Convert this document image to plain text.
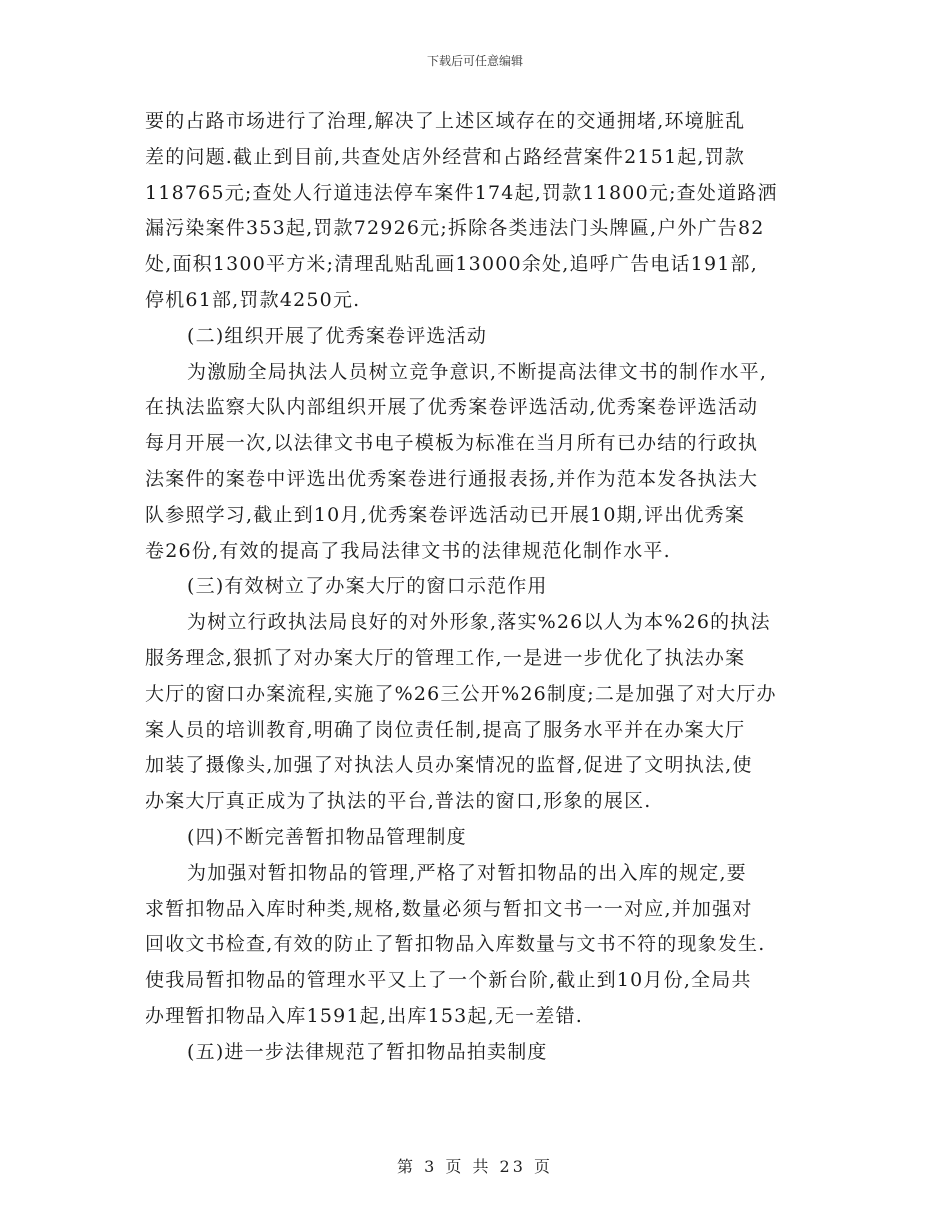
下载后可任意编辑
要的占路市场进行了治理,解决了上述区域存在的交通拥堵,环境脏乱
差的问题.截止到目前,共查处店外经营和占路经营案件2151起,罚款
118765元;查处人行道违法停车案件174起,罚款11800元;查处道路洒
漏污染案件353起,罚款72926元;拆除各类违法门头牌匾,户外广告82
处,面积1300平方米;清理乱贴乱画13000余处,追呼广告电话191部,
停机61部,罚款4250元.
(二)组织开展了优秀案卷评选活动
为激励全局执法人员树立竞争意识,不断提高法律文书的制作水平,
在执法监察大队内部组织开展了优秀案卷评选活动,优秀案卷评选活动
每月开展一次,以法律文书电子模板为标准在当月所有已办结的行政执
法案件的案卷中评选出优秀案卷进行通报表扬,并作为范本发各执法大
队参照学习,截止到10月,优秀案卷评选活动已开展10期,评出优秀案
卷26份,有效的提高了我局法律文书的法律规范化制作水平.
(三)有效树立了办案大厅的窗口示范作用
为树立行政执法局良好的对外形象,落实%26以人为本%26的执法
服务理念,狠抓了对办案大厅的管理工作,一是进一步优化了执法办案
大厅的窗口办案流程,实施了%26三公开%26制度;二是加强了对大厅办
案人员的培训教育,明确了岗位责任制,提高了服务水平并在办案大厅
加装了摄像头,加强了对执法人员办案情况的监督,促进了文明执法,使
办案大厅真正成为了执法的平台,普法的窗口,形象的展区.
(四)不断完善暂扣物品管理制度
为加强对暂扣物品的管理,严格了对暂扣物品的出入库的规定,要
求暂扣物品入库时种类,规格,数量必须与暂扣文书一一对应,并加强对
回收文书检查,有效的防止了暂扣物品入库数量与文书不符的现象发生.
使我局暂扣物品的管理水平又上了一个新台阶,截止到10月份,全局共
办理暂扣物品入库1591起,出库153起,无一差错.
(五)进一步法律规范了暂扣物品拍卖制度
第 3 页 共 23 页
